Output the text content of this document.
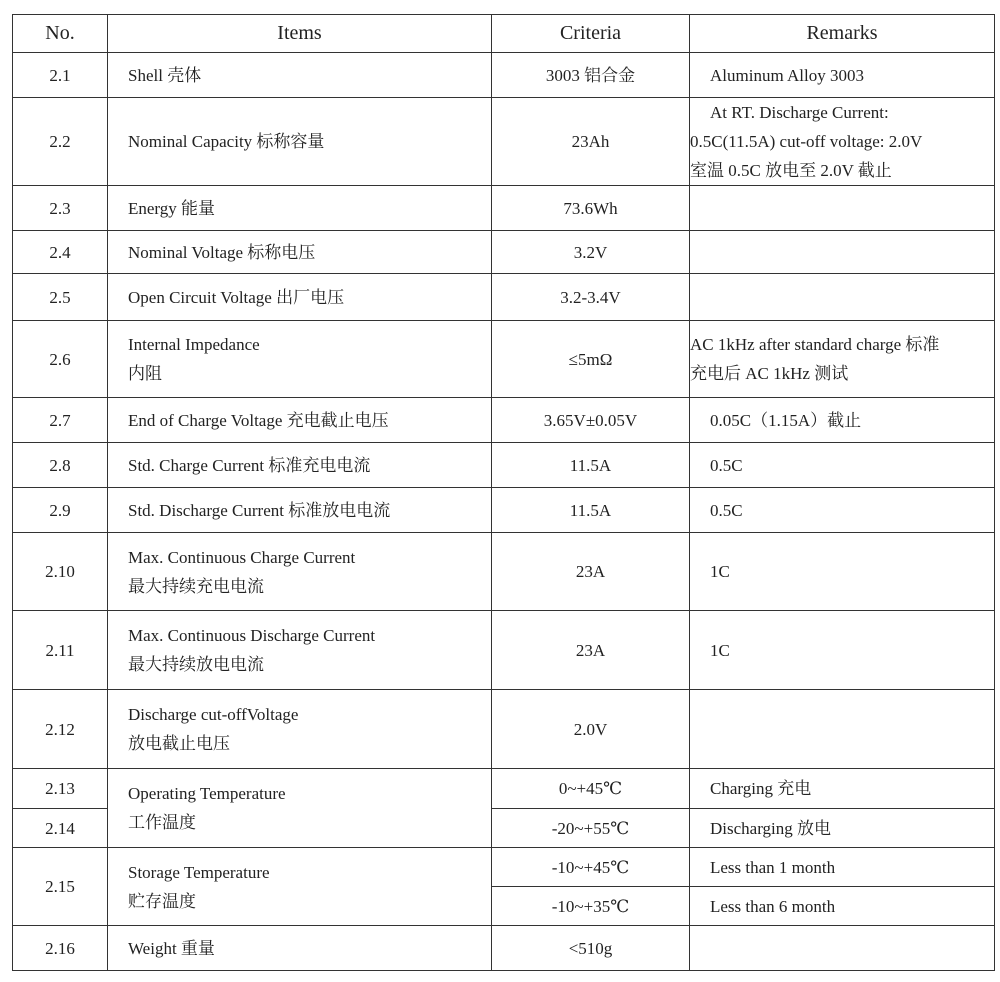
No.	Items	Criteria	Remarks
2.1	Shell 壳体	3003 铝合金	Aluminum Alloy 3003
2.2	Nominal Capacity 标称容量	23Ah	At RT. Discharge Current:
0.5C(11.5A) cut-off voltage: 2.0V
室温 0.5C 放电至 2.0V 截止

2.3	Energy 能量	73.6Wh	
2.4	Nominal Voltage 标称电压	3.2V	
2.5	Open Circuit Voltage 出厂电压	3.2-3.4V	
2.6	Internal Impedance
内阻	≤5mΩ	AC 1kHz after standard charge 标准
充电后 AC 1kHz 测试

2.7	End of Charge Voltage 充电截止电压	3.65V±0.05V	0.05C（1.15A）截止
2.8	Std. Charge Current 标准充电电流	11.5A	0.5C
2.9	Std. Discharge Current 标准放电电流	11.5A	0.5C
2.10	Max. Continuous Charge Current
最大持续充电电流	23A	1C
2.11	Max. Continuous Discharge Current
最大持续放电电流	23A	1C
2.12	Discharge cut-offVoltage
放电截止电压	2.0V	
2.13	Operating Temperature
工作温度	0~+45℃	Charging 充电
2.14		-20~+55℃	Discharging 放电
2.15	Storage Temperature
贮存温度	-10~+45℃	Less than 1 month
		-10~+35℃	Less than 6 month
2.16	Weight 重量	<510g	
